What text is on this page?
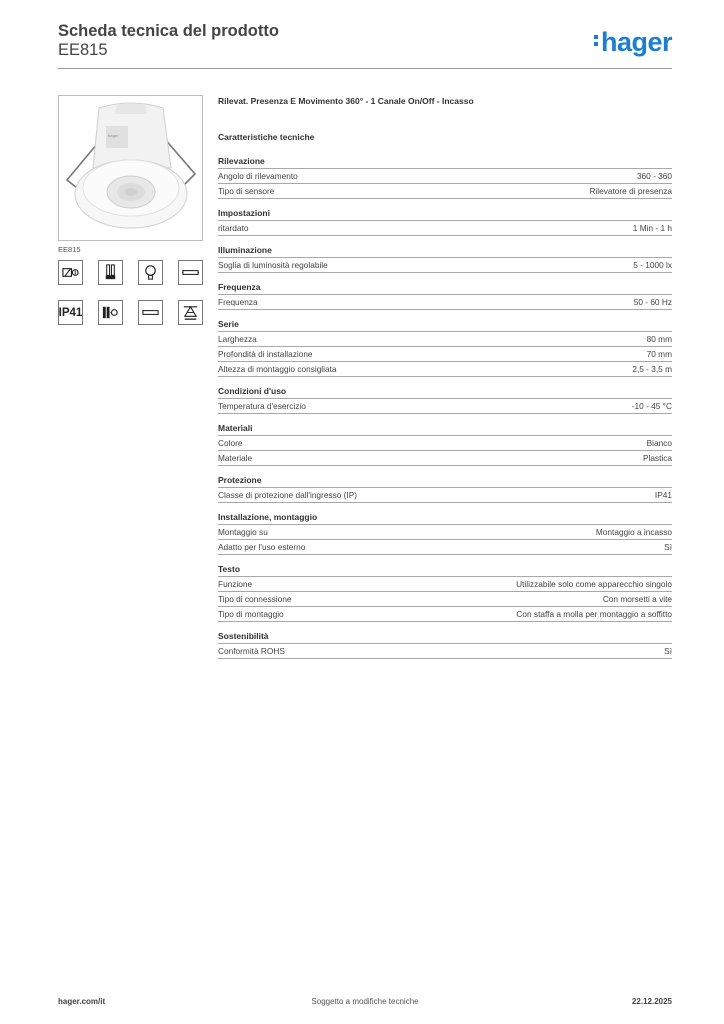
Scheda tecnica del prodotto
EE815	hager
hager
EE815
IP41
Rilevat. Presenza E Movimento 360° - 1 Canale On/Off - Incasso
Caratteristiche tecniche
Rilevazione
Angolo di rilevamento	360 - 360
Tipo di sensore	Rilevatore di presenza
Impostazioni
ritardato	1 Min - 1 h
Illuminazione
Soglia di luminosità regolabile	5 - 1000 lx
Frequenza
Frequenza	50 - 60 Hz
Serie
Larghezza	80 mm
Profondità di installazione	70 mm
Altezza di montaggio consigliata	2,5 - 3,5 m
Condizioni d'uso
Temperatura d'esercizio	-10 - 45 °C
Materiali
Colore	Bianco
Materiale	Plastica
Protezione
Classe di protezione dall'ingresso (IP)	IP41
Installazione, montaggio
Montaggio su	Montaggio a incasso
Adatto per l'uso esterno	Sì
Testo
Funzione	Utilizzabile solo come apparecchio singolo
Tipo di connessione	Con morsetti a vite
Tipo di montaggio	Con staffa a molla per montaggio a soffitto
Sostenibilità
Conformità ROHS	Sì
hager.com/it	Soggetto a modifiche tecniche	22.12.2025
